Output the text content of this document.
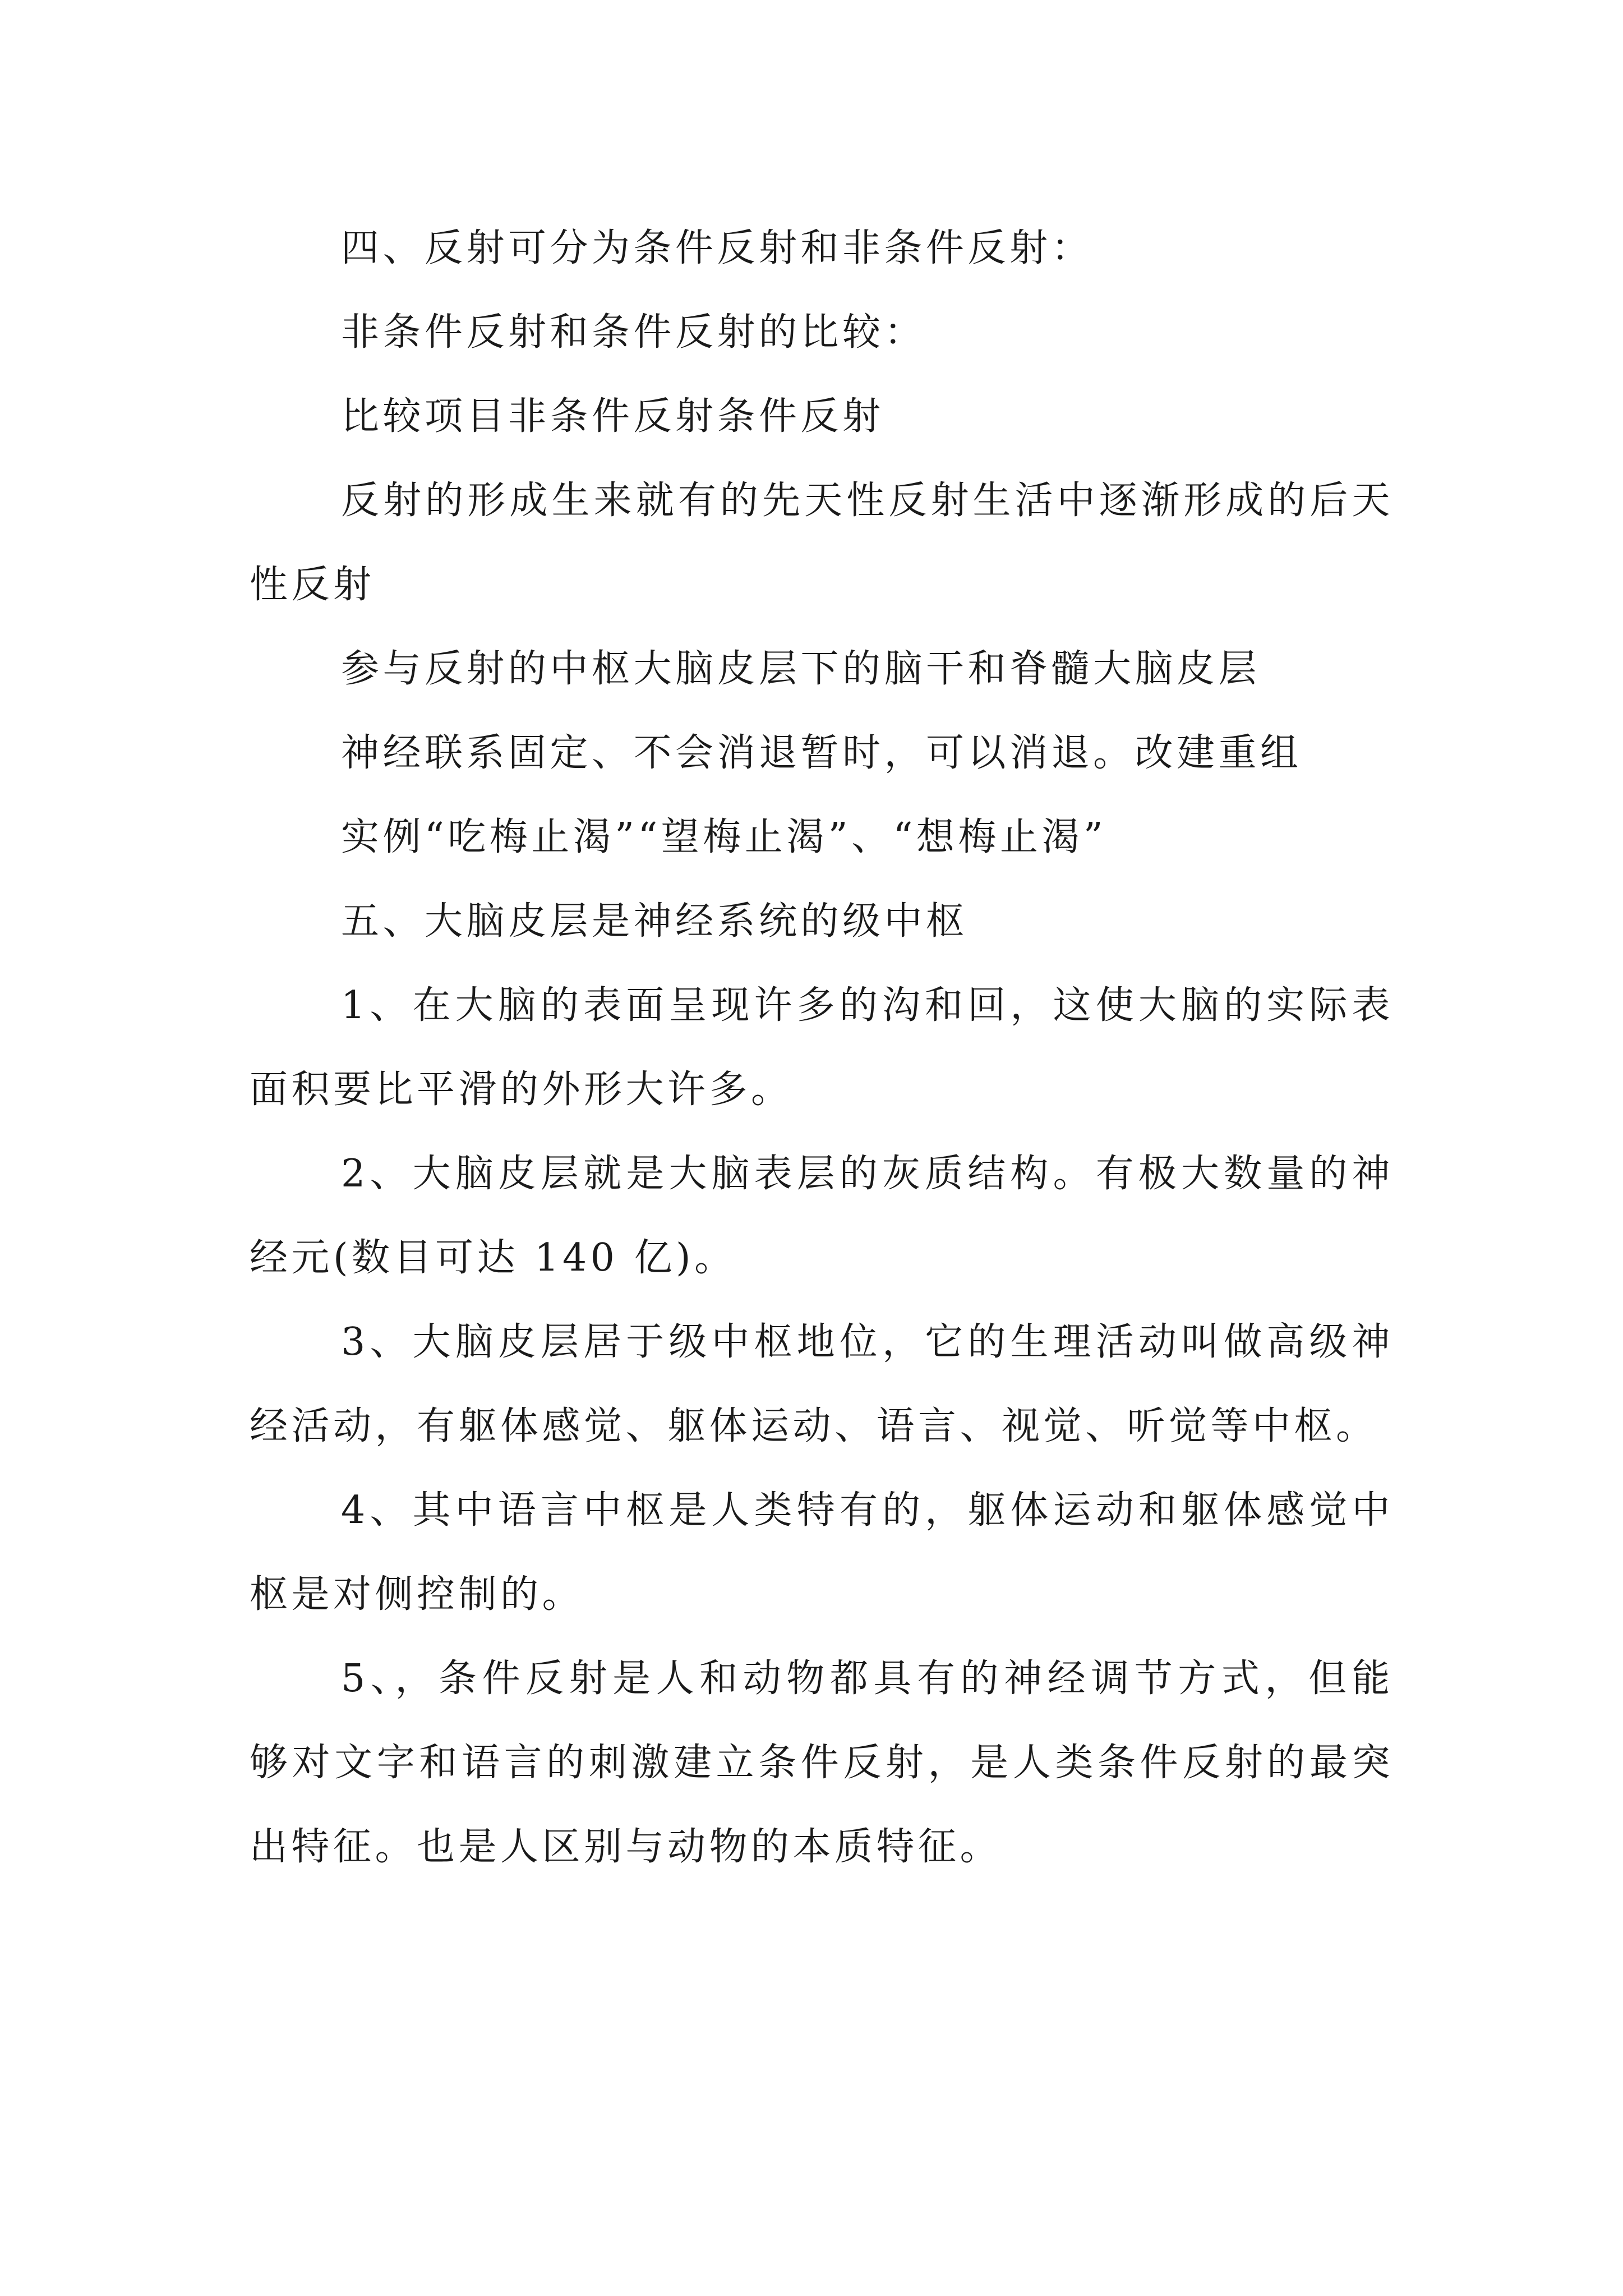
四、反射可分为条件反射和非条件反射：

非条件反射和条件反射的比较：

比较项目非条件反射条件反射

反射的形成生来就有的先天性反射生活中逐渐形成的后天性反射

参与反射的中枢大脑皮层下的脑干和脊髓大脑皮层

神经联系固定、不会消退暂时，可以消退。改建重组

实例“吃梅止渴”“望梅止渴”、“想梅止渴”

五、大脑皮层是神经系统的级中枢

1、在大脑的表面呈现许多的沟和回，这使大脑的实际表面积要比平滑的外形大许多。

2、大脑皮层就是大脑表层的灰质结构。有极大数量的神经元(数目可达 140 亿)。

3、大脑皮层居于级中枢地位，它的生理活动叫做高级神经活动，有躯体感觉、躯体运动、语言、视觉、听觉等中枢。

4、其中语言中枢是人类特有的，躯体运动和躯体感觉中枢是对侧控制的。

5、，条件反射是人和动物都具有的神经调节方式，但能够对文字和语言的刺激建立条件反射，是人类条件反射的最突出特征。也是人区别与动物的本质特征。
